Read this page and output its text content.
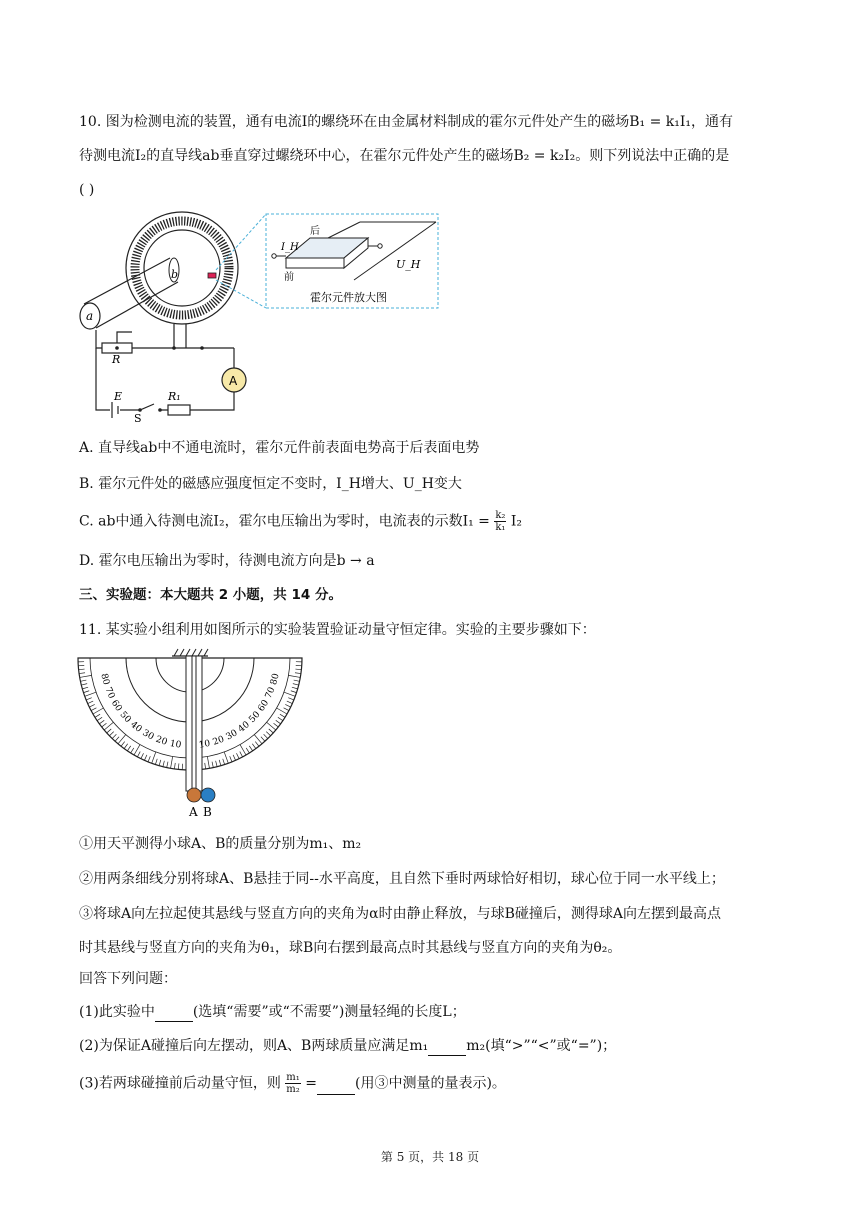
10. 图为检测电流的装置，通有电流I的螺绕环在由金属材料制成的霍尔元件处产生的磁场B₁ = k₁I₁，通有
待测电流I₂的直导线ab垂直穿过螺绕环中心，在霍尔元件处产生的磁场B₂ = k₂I₂。则下列说法中正确的是
( )
a
b
I_H
后
前
U_H
霍尔元件放大图
A
R
E
S
R₁
A. 直导线ab中不通电流时，霍尔元件前表面电势高于后表面电势
B. 霍尔元件处的磁感应强度恒定不变时，I_H增大、U_H变大
C. ab中通入待测电流I₂，霍尔电压输出为零时，电流表的示数$I_1 = \frac{\text{k₂}}{\text{k₁}} I_2$
D. 霍尔电压输出为零时，待测电流方向是b → a
三、实验题：本大题共 2 小题，共 14 分。
11. 某实验小组利用如图所示的实验装置验证动量守恒定律。实验的主要步骤如下：
80
70
60
50
40
30
20 10 10 20
30
40
50
60
70
80
A B
①用天平测得小球A、B的质量分别为m₁、m₂
②用两条细线分别将球A、B悬挂于同--水平高度，且自然下垂时两球恰好相切，球心位于同一水平线上；
③将球A向左拉起使其悬线与竖直方向的夹角为α时由静止释放，与球B碰撞后，测得球A向左摆到最高点
时其悬线与竖直方向的夹角为θ₁，球B向右摆到最高点时其悬线与竖直方向的夹角为θ₂。
回答下列问题：
(1)此实验中	(选填“需要”或“不需要”)测量轻绳的长度L；
(2)为保证A碰撞后向左摆动，则A、B两球质量应满足m₁	m₂(填“>”“<”或“=”)；
(3)若两球碰撞前后动量守恒，则 $\frac{\text{m₁}}{\text{m₂}}$ =	(用③中测量的量表示)。
第 5 页，共 18 页
